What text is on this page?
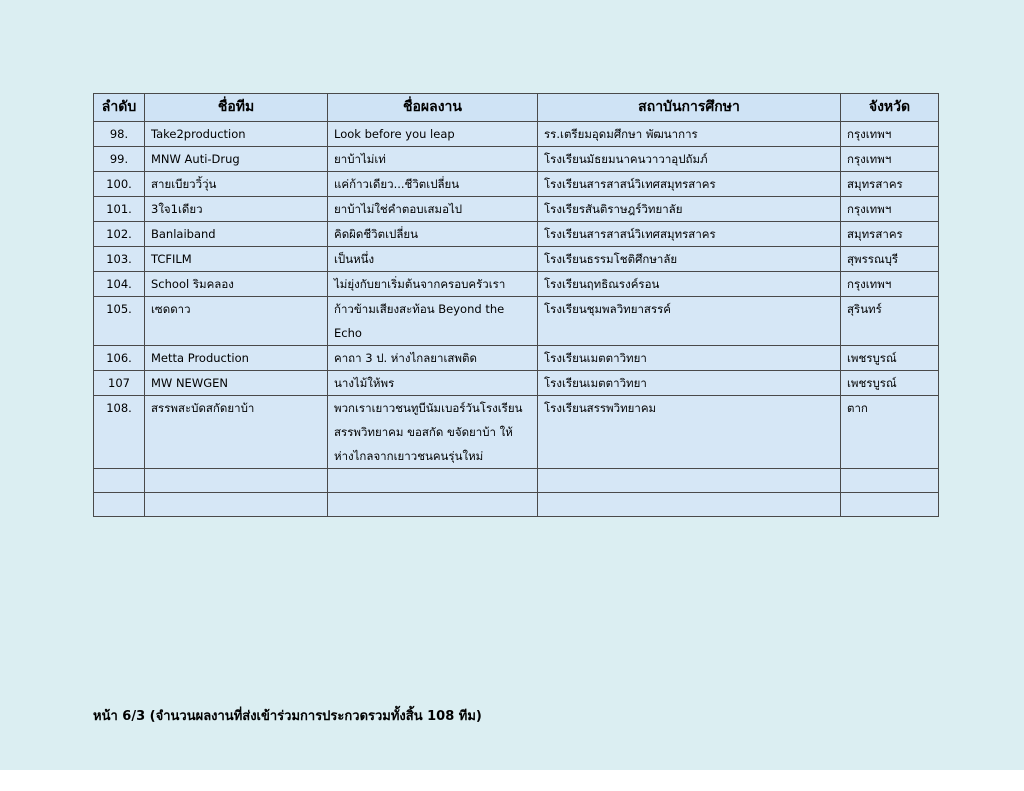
ลำดับ	ชื่อทีม	ชื่อผลงาน	สถาบันการศึกษา	จังหวัด
98.	Take2production	Look before you leap	รร.เตรียมอุดมศึกษา พัฒนาการ	กรุงเทพฯ
99.	MNW Auti-Drug	ยาบ้าไม่เท่	โรงเรียนมัธยมนาคนวาวาอุปถัมภ์	กรุงเทพฯ
100.	สายเบียววิ้วุ่น	แค่ก้าวเดียว...ชีวิตเปลี่ยน	โรงเรียนสารสาสน์วิเทศสมุทรสาคร	สมุทรสาคร
101.	3ใจ1เดียว	ยาบ้าไม่ใช่คำตอบเสมอไป	โรงเรียรสันติราษฎร์วิทยาลัย	กรุงเทพฯ
102.	Banlaiband	คิดผิดชีวิตเปลี่ยน	โรงเรียนสารสาสน์วิเทศสมุทรสาคร	สมุทรสาคร
103.	TCFILM	เป็นหนึ่ง	โรงเรียนธรรมโชติศึกษาลัย	สุพรรณบุรี
104.	School ริมคลอง	ไม่ยุ่งกับยาเริ่มต้นจากครอบครัวเรา	โรงเรียนฤทธิณรงค์รอน	กรุงเทพฯ
105.	เซดดาว	ก้าวข้ามเสียงสะท้อน Beyond the Echo	โรงเรียนชุมพลวิทยาสรรค์	สุรินทร์
106.	Metta Production	คาถา 3 ป. ห่างไกลยาเสพติด	โรงเรียนเมตตาวิทยา	เพชรบูรณ์
107	MW NEWGEN	นางไม้ให้พร	โรงเรียนเมตตาวิทยา	เพชรบูรณ์
108.	สรรพสะบัดสกัดยาบ้า	พวกเราเยาวชนทูบีนัมเบอร์วันโรงเรียนสรรพวิทยาคม ขอสกัด ขจัดยาบ้า ให้ห่างไกลจากเยาวชนคนรุ่นใหม่	โรงเรียนสรรพวิทยาคม	ตาก

หน้า 6/3 (จำนวนผลงานที่ส่งเข้าร่วมการประกวดรวมทั้งสิ้น 108 ทีม)
